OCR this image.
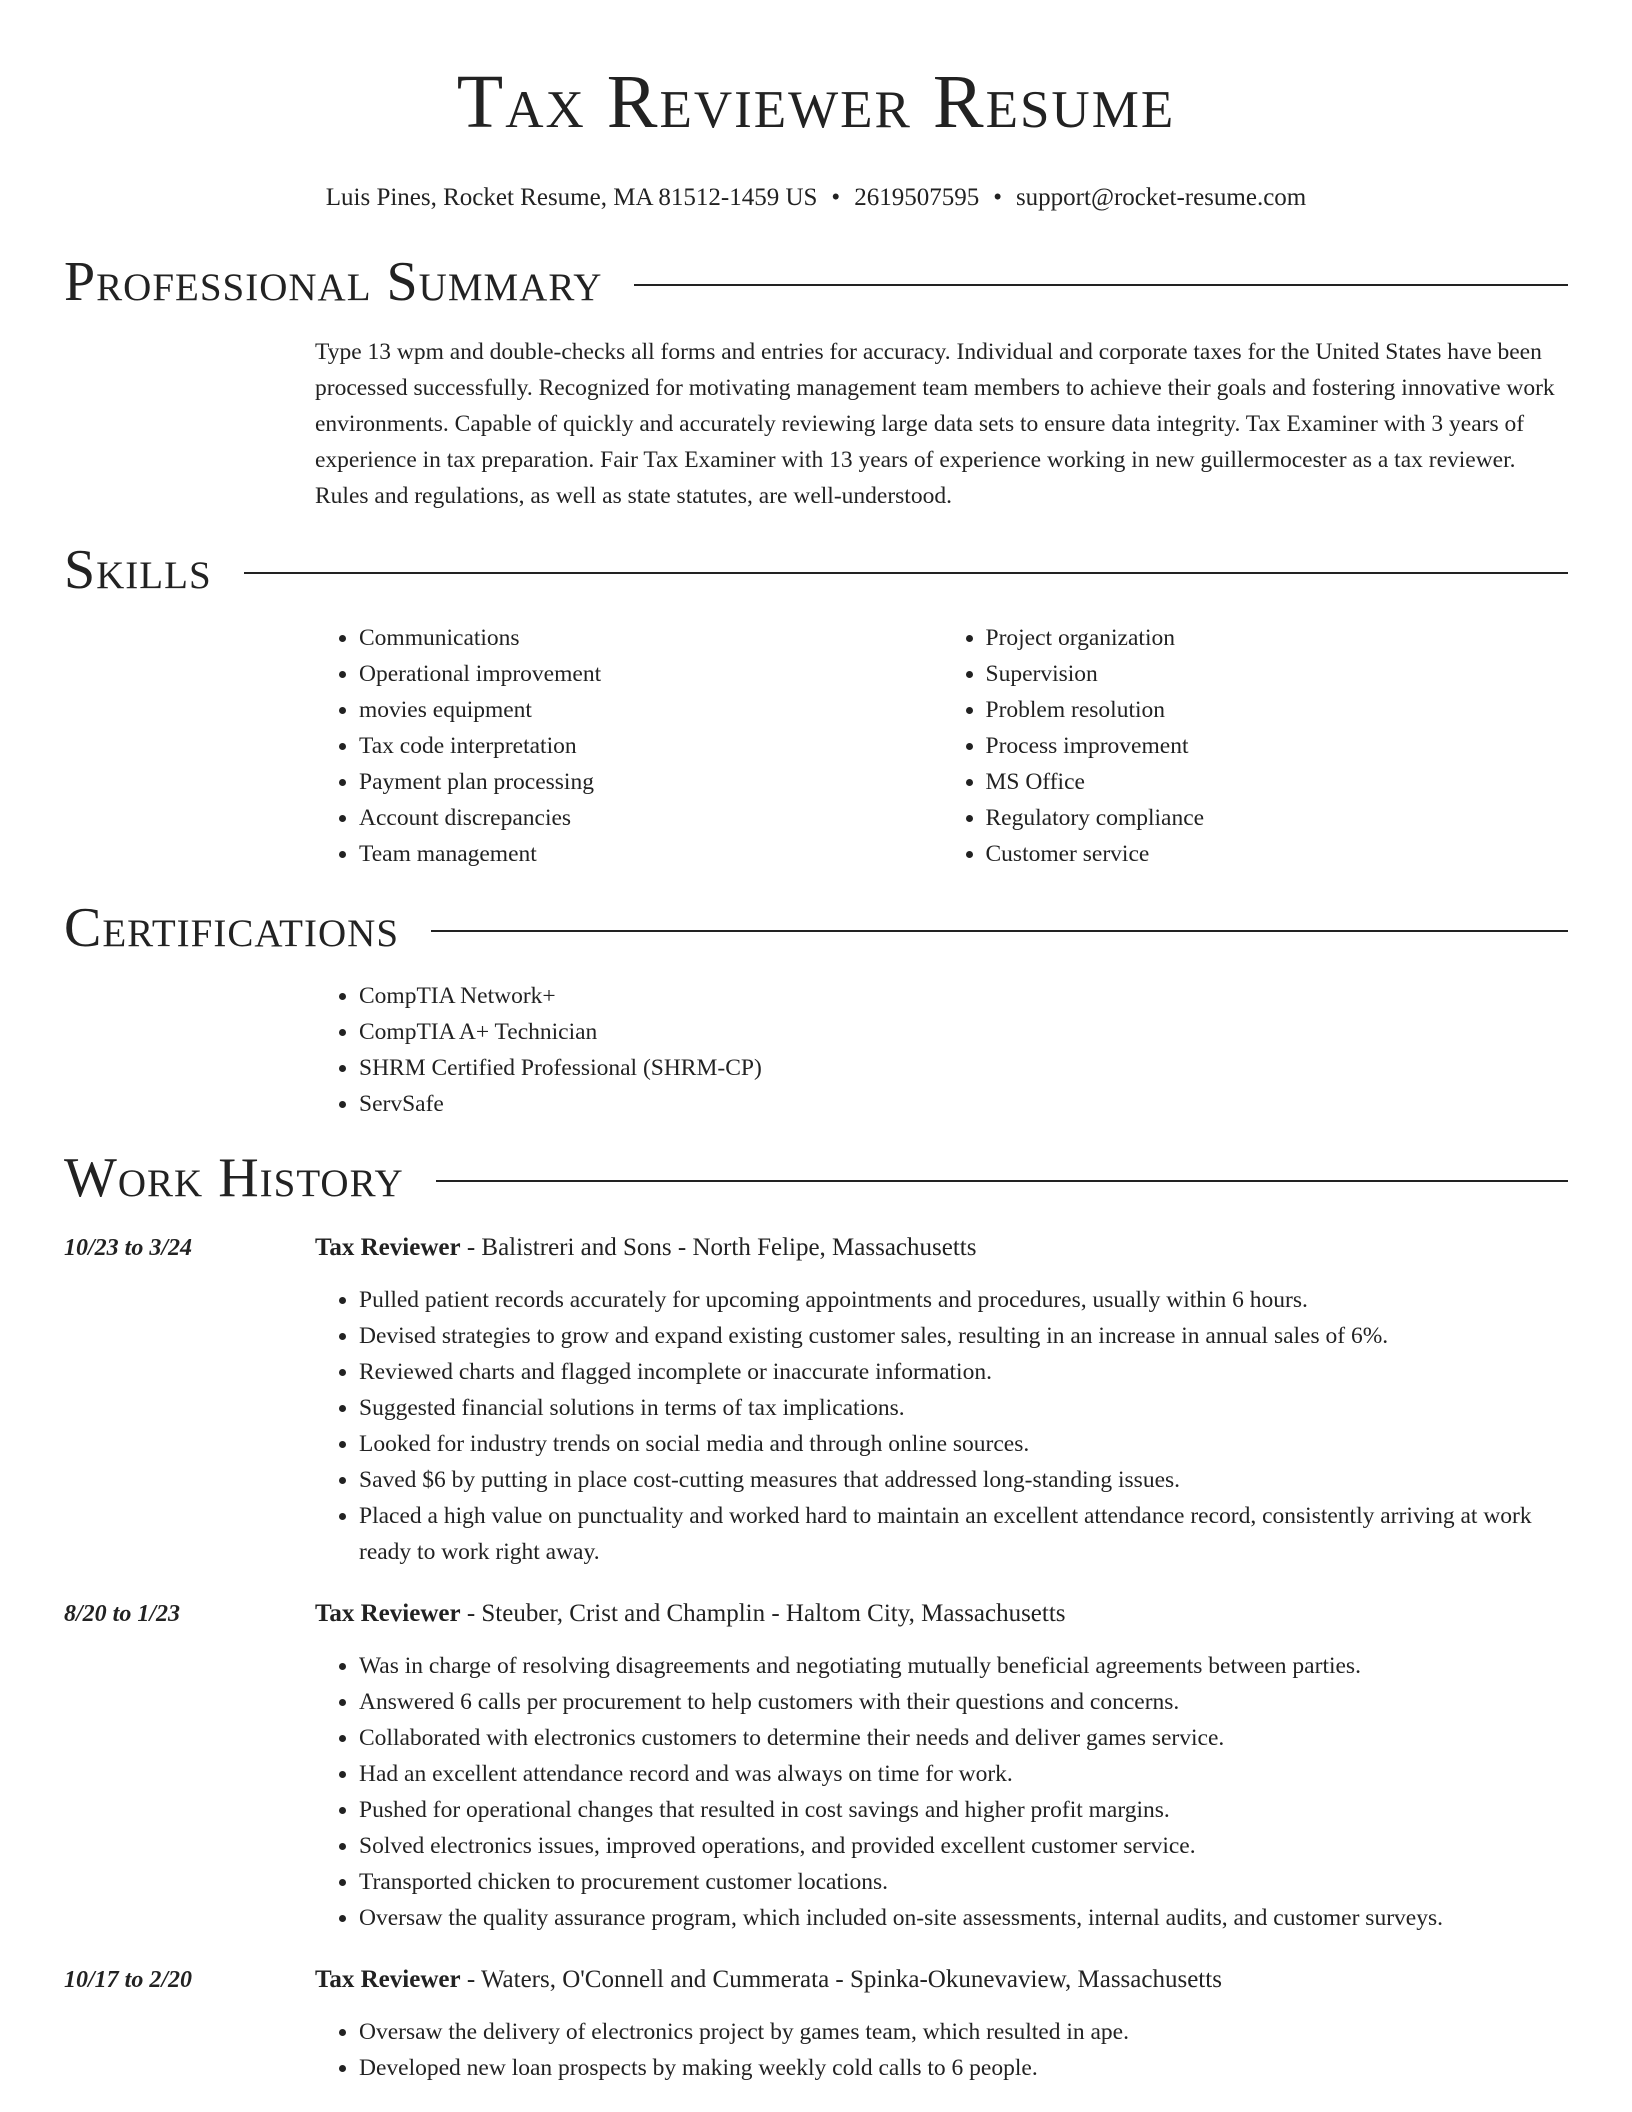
Tax Reviewer Resume
Luis Pines, Rocket Resume, MA 81512-1459 US • 2619507595 • support@rocket-resume.com
Professional Summary
Type 13 wpm and double-checks all forms and entries for accuracy. Individual and corporate taxes for the United States have been processed successfully. Recognized for motivating management team members to achieve their goals and fostering innovative work environments. Capable of quickly and accurately reviewing large data sets to ensure data integrity. Tax Examiner with 3 years of experience in tax preparation. Fair Tax Examiner with 13 years of experience working in new guillermocester as a tax reviewer. Rules and regulations, as well as state statutes, are well-understood.
Skills
• Communications
• Operational improvement
• movies equipment
• Tax code interpretation
• Payment plan processing
• Account discrepancies
• Team management
• Project organization
• Supervision
• Problem resolution
• Process improvement
• MS Office
• Regulatory compliance
• Customer service
Certifications
• CompTIA Network+
• CompTIA A+ Technician
• SHRM Certified Professional (SHRM-CP)
• ServSafe
Work History
10/23 to 3/24	Tax Reviewer - Balistreri and Sons - North Felipe, Massachusetts
• Pulled patient records accurately for upcoming appointments and procedures, usually within 6 hours.
• Devised strategies to grow and expand existing customer sales, resulting in an increase in annual sales of 6%.
• Reviewed charts and flagged incomplete or inaccurate information.
• Suggested financial solutions in terms of tax implications.
• Looked for industry trends on social media and through online sources.
• Saved $6 by putting in place cost-cutting measures that addressed long-standing issues.
• Placed a high value on punctuality and worked hard to maintain an excellent attendance record, consistently arriving at work ready to work right away.
8/20 to 1/23	Tax Reviewer - Steuber, Crist and Champlin - Haltom City, Massachusetts
• Was in charge of resolving disagreements and negotiating mutually beneficial agreements between parties.
• Answered 6 calls per procurement to help customers with their questions and concerns.
• Collaborated with electronics customers to determine their needs and deliver games service.
• Had an excellent attendance record and was always on time for work.
• Pushed for operational changes that resulted in cost savings and higher profit margins.
• Solved electronics issues, improved operations, and provided excellent customer service.
• Transported chicken to procurement customer locations.
• Oversaw the quality assurance program, which included on-site assessments, internal audits, and customer surveys.
10/17 to 2/20	Tax Reviewer - Waters, O'Connell and Cummerata - Spinka-Okunevaview, Massachusetts
• Oversaw the delivery of electronics project by games team, which resulted in ape.
• Developed new loan prospects by making weekly cold calls to 6 people.
